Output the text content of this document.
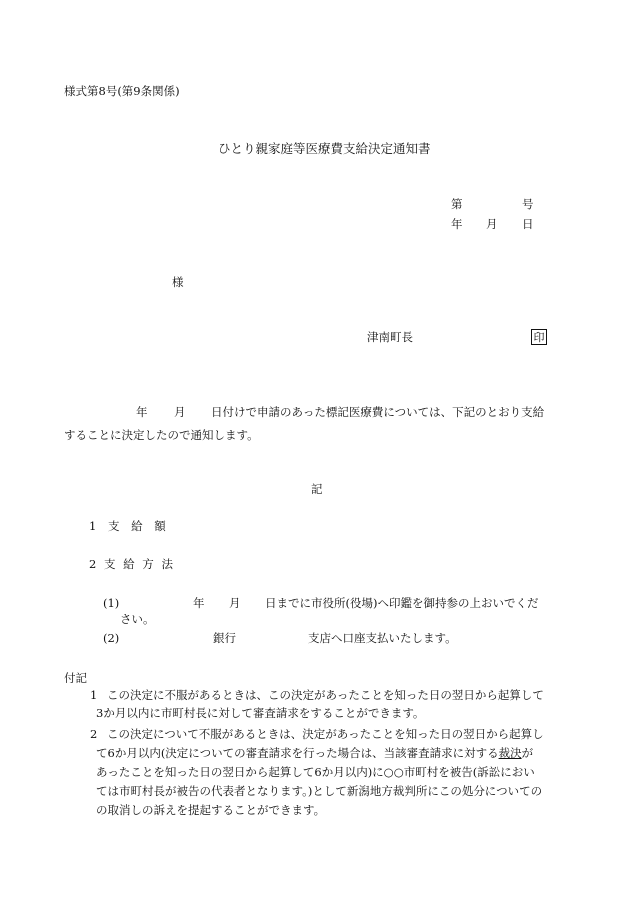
様式第8号(第9条関係)
ひとり親家庭等医療費支給決定通知書
第	号
年 月 日
様
津南町長	印
年 月 日付けで申請のあった標記医療費については、下記のとおり支給
することに決定したので通知します。
記
1 支 給 額
2 支 給 方 法
(1)	年 月 日までに市役所(役場)へ印鑑を御持参の上おいでくだ
さい。
(2)	銀行	支店へ口座支払いたします。
付記
1 この決定に不服があるときは、この決定があったことを知った日の翌日から起算して
3か月以内に市町村長に対して審査請求をすることができます。
2 この決定について不服があるときは、決定があったことを知った日の翌日から起算し
て6か月以内(決定についての審査請求を行った場合は、当該審査請求に対する裁決が
あったことを知った日の翌日から起算して6か月以内)に○○市町村を被告(訴訟におい
ては市町村長が被告の代表者となります。)として新潟地方裁判所にこの処分についての
の取消しの訴えを提起することができます。
